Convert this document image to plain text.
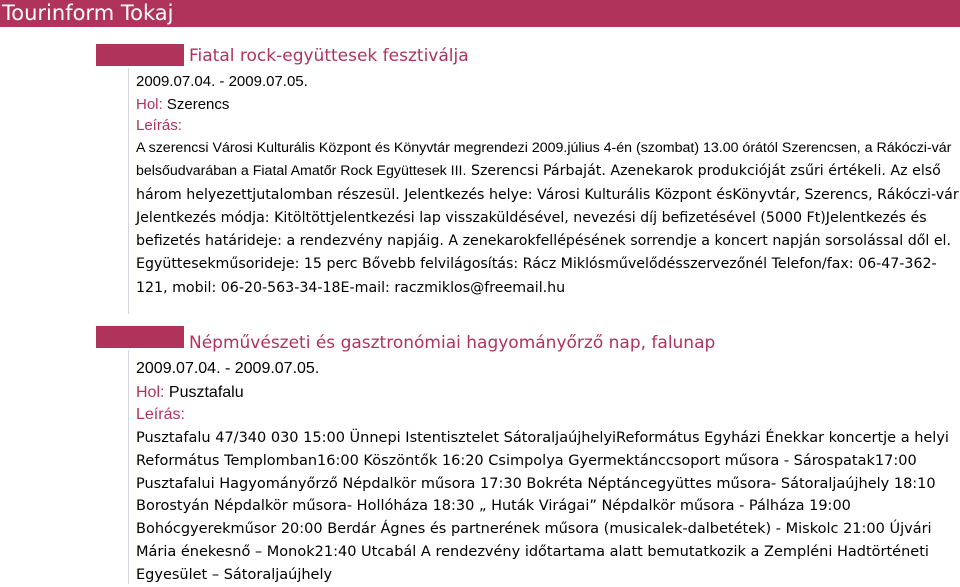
Tourinform Tokaj
Fiatal rock-együttesek fesztiválja
2009.07.04. - 2009.07.05.
Hol: Szerencs
Leírás:

A szerencsi Városi Kulturális Központ és Könyvtár megrendezi 2009.július 4-én (szombat) 13.00 órától Szerencsen, a Rákóczi-vár belsőudvarában a Fiatal Amatőr Rock Együttesek III. Szerencsi Párbaját. Azenekarok produkcióját zsűri értékeli. Az első három helyezettjutalomban részesül. Jelentkezés helye: Városi Kulturális Központ ésKönyvtár, Szerencs, Rákóczi-vár Jelentkezés módja: Kitöltöttjelentkezési lap visszaküldésével, nevezési díj befizetésével (5000 Ft)Jelentkezés és befizetés határideje: a rendezvény napjáig. A zenekarokfellépésének sorrendje a koncert napján sorsolással dől el. Együttesekműsorideje: 15 perc Bővebb felvilágosítás: Rácz Miklósművelődésszervezőnél Telefon/fax: 06-47-362-121, mobil: 06-20-563-34-18E-mail: raczmiklos@freemail.hu

Népművészeti és gasztronómiai hagyományőrző nap, falunap
2009.07.04. - 2009.07.05.
Hol: Pusztafalu
Leírás:

Pusztafalu 47/340 030 15:00 Ünnepi Istentisztelet SátoraljaújhelyiReformátus Egyházi Énekkar koncertje a helyi Református Templomban16:00 Köszöntők 16:20 Csimpolya Gyermektánccsoport műsora - Sárospatak17:00 Pusztafalui Hagyományőrző Népdalkör műsora 17:30 Bokréta Néptáncegyüttes műsora- Sátoraljaújhely 18:10 Borostyán Népdalkör műsora- Hollóháza 18:30 „ Huták Virágai” Népdalkör műsora - Pálháza 19:00 Bohócgyerekműsor 20:00 Berdár Ágnes és partnerének műsora (musicalek-dalbetétek) - Miskolc 21:00 Újvári Mária énekesnő – Monok21:40 Utcabál A rendezvény időtartama alatt bemutatkozik a Zempléni Hadtörténeti Egyesület – Sátoraljaújhely
